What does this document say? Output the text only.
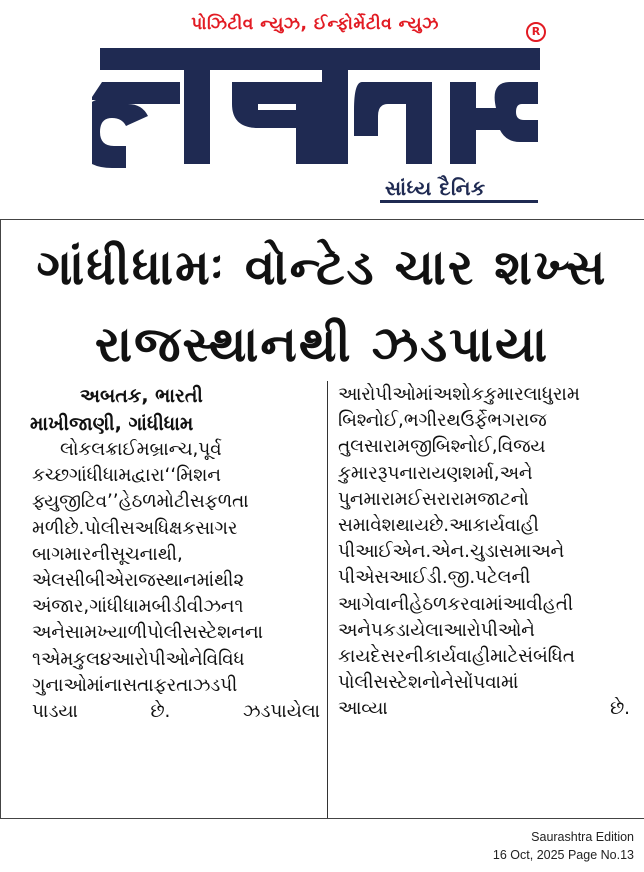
પોઝિટીવ ન્યુઝ, ઈન્ફોર્મેટીવ ન્યુઝ	R
સાંધ્ય દૈનિક
ગાંધીધામઃ વોન્ટેડ ચાર શખ્સ
રાજસ્થાનથી ઝડપાયા
અબતક, ભારતી
માખીજાણી, ગાંધીધામ
લોકલક્રાઈમબ્રાન્ચ,પૂર્વ
કચ્છગાંધીધામદ્વારા‘‘મિશન
ફ્યુજીટિવ’’હેઠળમોટીસફળતા
મળીછે.પોલીસઅધિક્ષકસાગર
બાગમારનીસૂચનાથી,
એલસીબીએરાજસ્થાનમાંથી૨
અંજાર,ગાંધીધામબીડીવીઝન૧
અનેસામખ્યાળીપોલીસસ્ટેશનના
૧એમકુલ૪આરોપીઓનેવિવિધ
ગુનાઓમાંનાસતાફરતાઝડપી
પાડયા છે. ઝડપાયેલા
આરોપીઓમાંઅશોકકુમારલાધુરામ
બિશ્નોઈ,ભગીરથઉર્ફેભગરાજ
તુલસારામજીબિશ્નોઈ,વિજય
કુમારરૂપનારાયણશર્મા,અને
પુનમારામઈસરારામજાટનો
સમાવેશથાયછે.આકાર્યવાહી
પીઆઈએન.એન.ચુડાસમાઅને
પીએસઆઈડી.જી.પટેલની
આગેવાનીહેઠળકરવામાંઆવીહતી
અનેપકડાયેલાઆરોપીઓને
કાયદેસરનીકાર્યવાહીમાટેસંબંધિત
પોલીસસ્ટેશનોનેસોંપવામાં
આવ્યા છે.
Saurashtra Edition
16 Oct, 2025 Page No.13
